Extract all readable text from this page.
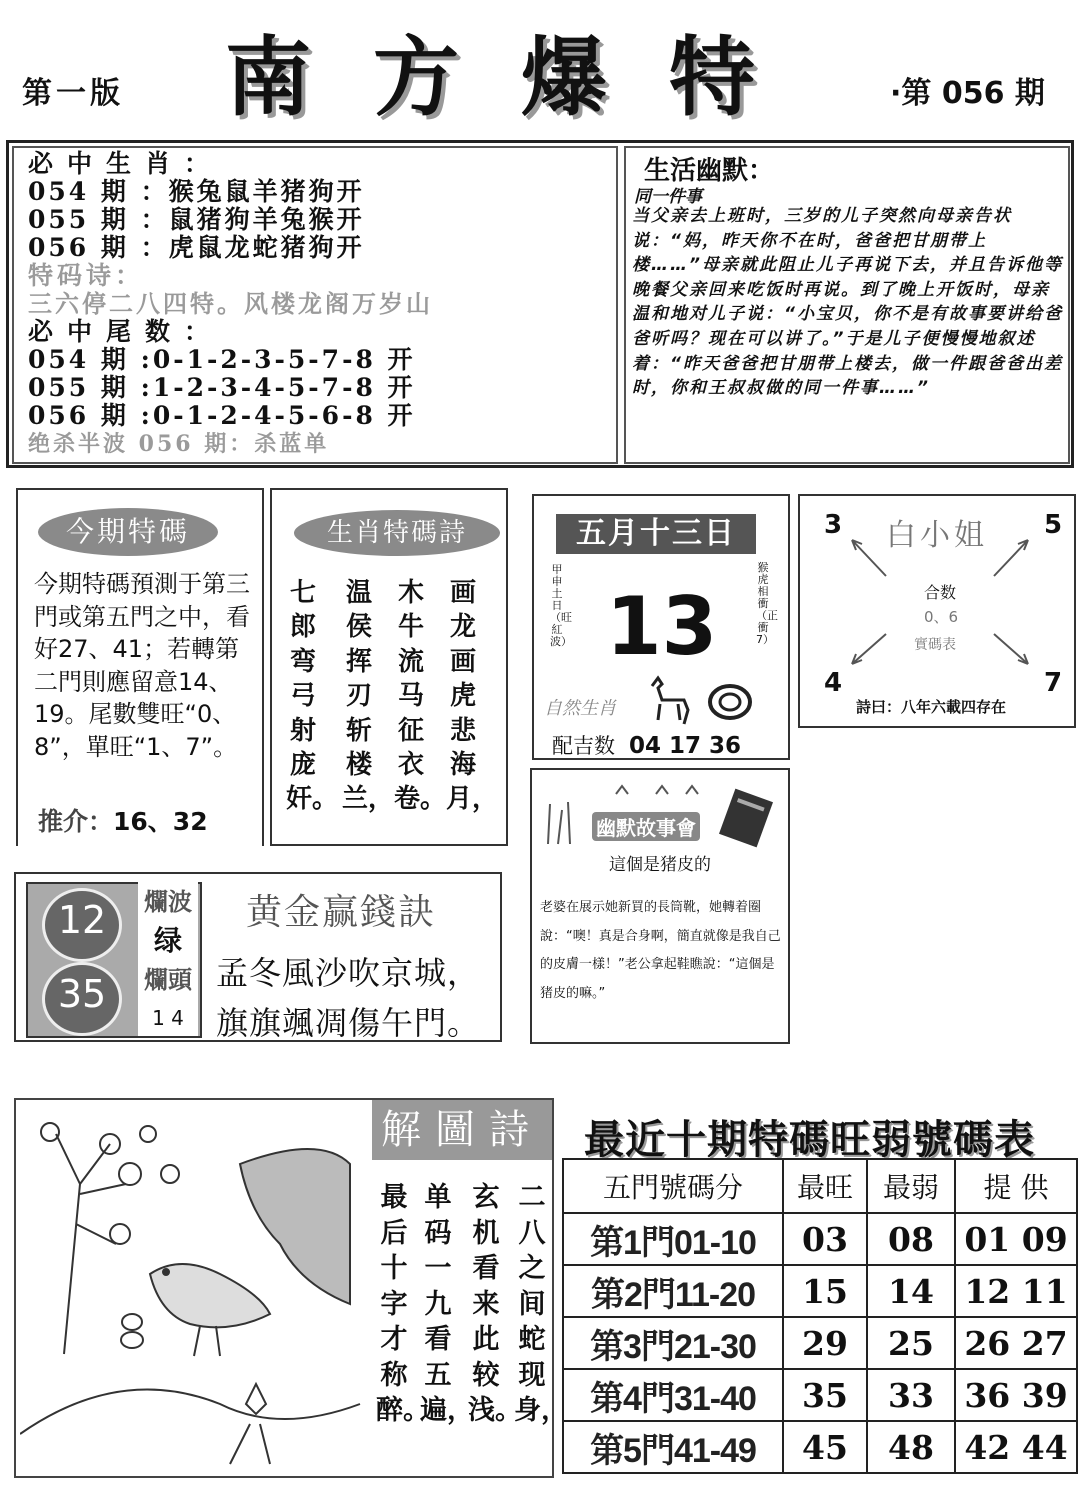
第一版 南方爆特 ·第 056 期
必中生肖：
054 期 ：猴兔鼠羊猪狗开
055 期 ：鼠猪狗羊兔猴开
056 期 ：虎鼠龙蛇猪狗开
特码诗：
三六停二八四特。风楼龙阁万岁山
必中尾数：
054 期 :0-1-2-3-5-7-8 开
055 期 :1-2-3-4-5-7-8 开
056 期 :0-1-2-4-5-6-8 开
绝杀半波 056 期：杀蓝单
生活幽默：
同一件事
当父亲去上班时，三岁的儿子突然向母亲告状说：“妈，昨天你不在时，爸爸把甘朋带上楼……”母亲就此阻止儿子再说下去，并且告诉他等晚餐父亲回来吃饭时再说。到了晚上开饭时，母亲温和地对儿子说：“小宝贝，你不是有故事要讲给爸爸听吗？现在可以讲了。”于是儿子便慢慢地叙述着：“昨天爸爸把甘朋带上楼去，做一件跟爸爸出差时，你和王叔叔做的同一件事……”
今期特碼
今期特碼預測于第三門或第五門之中，看好27、41；若轉第二門則應留意14、19。尾數雙旺“0、8”，單旺“1、7”。
推介：16、32
生肖特碼詩
七郎弯弓射庞奸。
温侯挥刃斩楼兰，
木牛流马征衣卷。
画龙画虎悲海月，
五月十三日
甲申土日（旺紅波） 13
猴虎相衝（正衝7）
自然生肖
配吉数 04 17 36
3	5
4	7
白小姐
合数
0、6
實碼表
詩曰：八年六載四存在
幽默故事會
這個是猪皮的
老婆在展示她新買的長筒靴，她轉着圈說：“噢！真是合身啊，簡直就像是我自己的皮膚一樣！”老公拿起鞋瞧說：“這個是猪皮的嘛。”
12
35
爛波
绿
爛頭
1 4
黄金赢錢訣
孟冬風沙吹京城，
旗旗颯凋傷午門。
解圖詩
最后十字才称醉。
单码一九看五遍，
玄机看来此较浅。
二八之间蛇现身，
最近十期特碼旺弱號碼表
五門號碼分	最旺	最弱	提 供
第1門01-10	03	08	01 09
第2門11-20	15	14	12 11
第3門21-30	29	25	26 27
第4門31-40	35	33	36 39
第5門41-49	45	48	42 44
